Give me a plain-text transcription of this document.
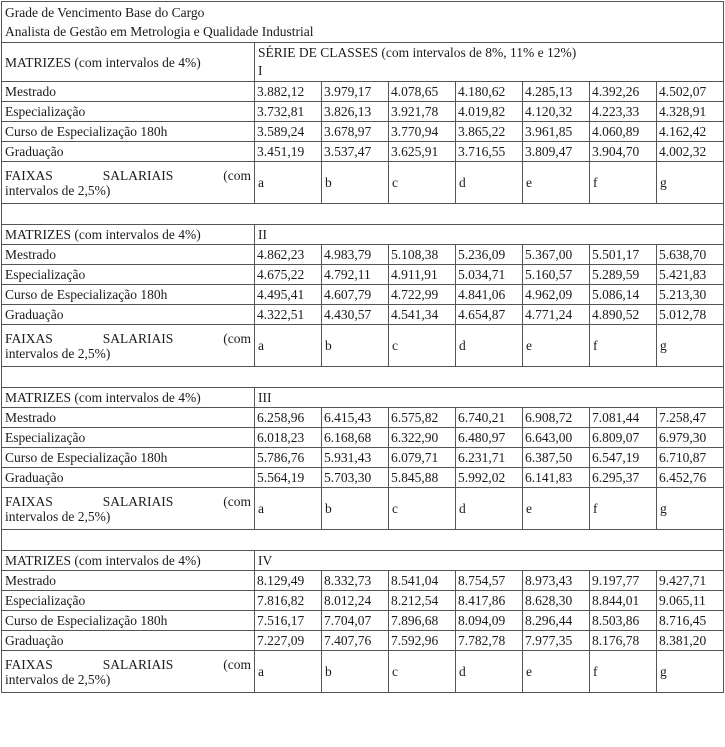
Grade de Vencimento Base do Cargo
Analista de Gestão em Metrologia e Qualidade Industrial							

MATRIZES (com intervalos de 4%)	SÉRIE DE CLASSES (com intervalos de 8%, 11% e 12%)
I						

Mestrado	3.882,12	3.979,17	4.078,65	4.180,62	4.285,13	4.392,26	4.502,07
Especialização	3.732,81	3.826,13	3.921,78	4.019,82	4.120,32	4.223,33	4.328,91
Curso de Especialização 180h	3.589,24	3.678,97	3.770,94	3.865,22	3.961,85	4.060,89	4.162,42
Graduação	3.451,19	3.537,47	3.625,91	3.716,55	3.809,47	3.904,70	4.002,32

FAIXAS SALARIAIS (com
intervalos de 2,5%)	a	b	c	d	e	f	g

MATRIZES (com intervalos de 4%)	II						
Mestrado	4.862,23	4.983,79	5.108,38	5.236,09	5.367,00	5.501,17	5.638,70
Especialização	4.675,22	4.792,11	4.911,91	5.034,71	5.160,57	5.289,59	5.421,83
Curso de Especialização 180h	4.495,41	4.607,79	4.722,99	4.841,06	4.962,09	5.086,14	5.213,30
Graduação	4.322,51	4.430,57	4.541,34	4.654,87	4.771,24	4.890,52	5.012,78

FAIXAS SALARIAIS (com
intervalos de 2,5%)	a	b	c	d	e	f	g

MATRIZES (com intervalos de 4%)	III						
Mestrado	6.258,96	6.415,43	6.575,82	6.740,21	6.908,72	7.081,44	7.258,47
Especialização	6.018,23	6.168,68	6.322,90	6.480,97	6.643,00	6.809,07	6.979,30
Curso de Especialização 180h	5.786,76	5.931,43	6.079,71	6.231,71	6.387,50	6.547,19	6.710,87
Graduação	5.564,19	5.703,30	5.845,88	5.992,02	6.141,83	6.295,37	6.452,76

FAIXAS SALARIAIS (com
intervalos de 2,5%)	a	b	c	d	e	f	g

MATRIZES (com intervalos de 4%)	IV						
Mestrado	8.129,49	8.332,73	8.541,04	8.754,57	8.973,43	9.197,77	9.427,71
Especialização	7.816,82	8.012,24	8.212,54	8.417,86	8.628,30	8.844,01	9.065,11
Curso de Especialização 180h	7.516,17	7.704,07	7.896,68	8.094,09	8.296,44	8.503,86	8.716,45
Graduação	7.227,09	7.407,76	7.592,96	7.782,78	7.977,35	8.176,78	8.381,20

FAIXAS SALARIAIS (com
intervalos de 2,5%)	a	b	c	d	e	f	g
